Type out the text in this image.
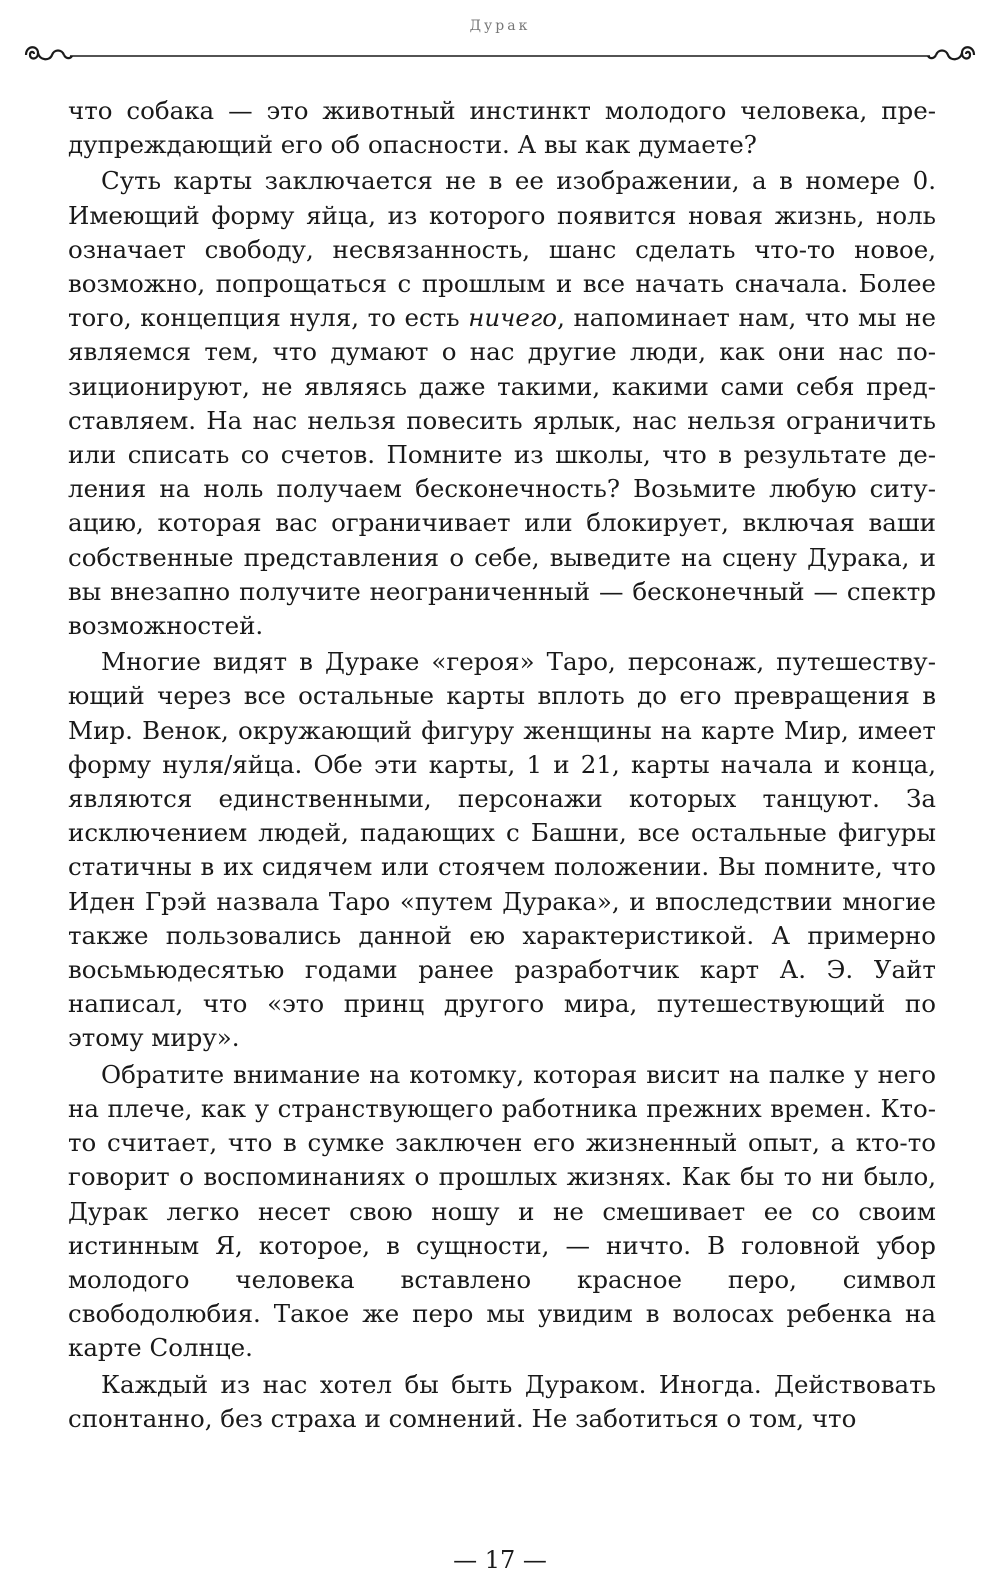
Дурак

что собака — это животный инстинкт молодого человека, предупреждающий его об опасности. А вы как думаете?

Суть карты заключается не в ее изображении, а в номере 0. Имеющий форму яйца, из которого появится новая жизнь, ноль означает свободу, несвязанность, шанс сделать что-то новое, возможно, попрощаться с прошлым и все начать сначала. Более того, концепция нуля, то есть ничего, напоминает нам, что мы не являемся тем, что думают о нас другие люди, как они нас позиционируют, не являясь даже такими, какими сами себя представляем. На нас нельзя повесить ярлык, нас нельзя ограничить или списать со счетов. Помните из школы, что в результате деления на ноль получаем бесконечность? Возьмите любую ситуацию, которая вас ограничивает или блокирует, включая ваши собственные представления о себе, выведите на сцену Дурака, и вы внезапно получите неограниченный — бесконечный — спектр возможностей.

Многие видят в Дураке «героя» Таро, персонаж, путешествующий через все остальные карты вплоть до его превращения в Мир. Венок, окружающий фигуру женщины на карте Мир, имеет форму нуля/яйца. Обе эти карты, 1 и 21, карты начала и конца, являются единственными, персонажи которых танцуют. За исключением людей, падающих с Башни, все остальные фигуры статичны в их сидячем или стоячем положении. Вы помните, что Иден Грэй назвала Таро «путем Дурака», и впоследствии многие также пользовались данной ею характеристикой. А примерно восьмьюдесятью годами ранее разработчик карт А. Э. Уайт написал, что «это принц другого мира, путешествующий по этому миру».

Обратите внимание на котомку, которая висит на палке у него на плече, как у странствующего работника прежних времен. Кто-то считает, что в сумке заключен его жизненный опыт, а кто-то говорит о воспоминаниях о прошлых жизнях. Как бы то ни было, Дурак легко несет свою ношу и не смешивает ее со своим истинным Я, которое, в сущности, — ничто. В головной убор молодого человека вставлено красное перо, символ свободолюбия. Такое же перо мы увидим в волосах ребенка на карте Солнце.

Каждый из нас хотел бы быть Дураком. Иногда. Действовать спонтанно, без страха и сомнений. Не заботиться о том, что

— 17 —
